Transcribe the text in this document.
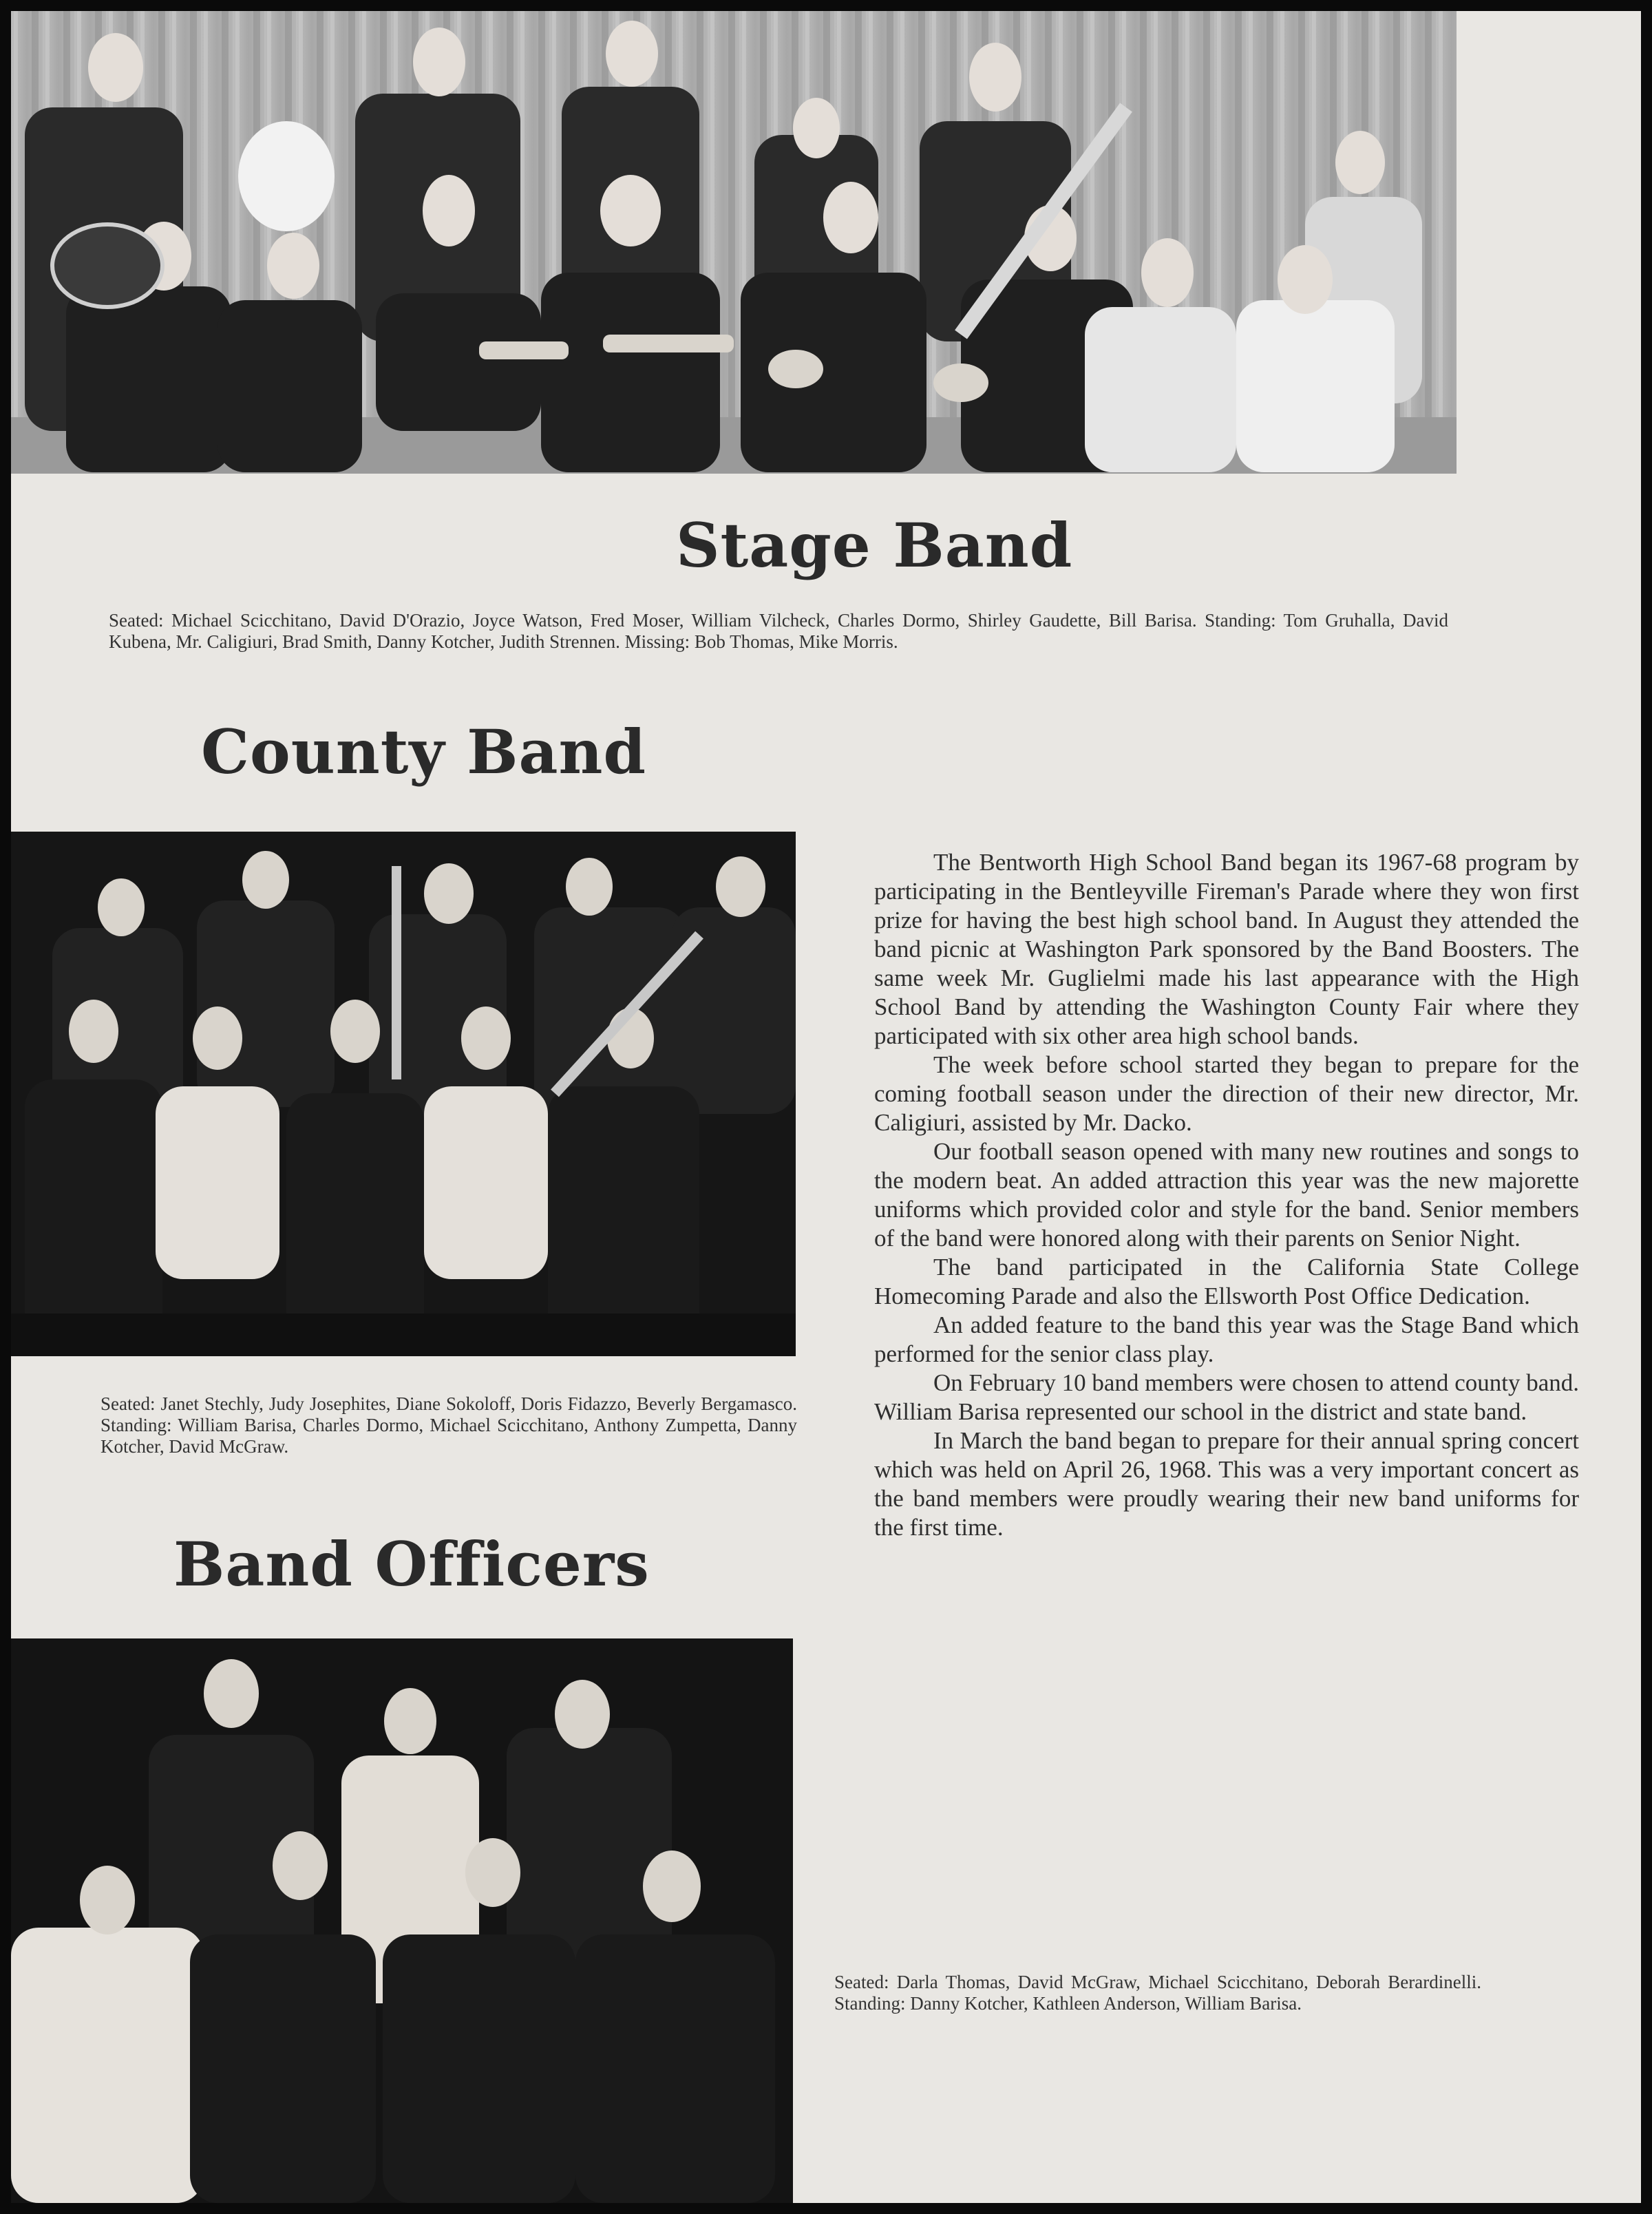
Stage Band
Seated: Michael Scicchitano, David D'Orazio, Joyce Watson, Fred Moser, William Vilcheck, Charles Dormo, Shirley Gaudette, Bill Barisa. Standing: Tom Gruhalla, David Kubena, Mr. Caligiuri, Brad Smith, Danny Kotcher, Judith Strennen. Missing: Bob Thomas, Mike Morris.
County Band
Seated: Janet Stechly, Judy Josephites, Diane Sokoloff, Doris Fidazzo, Beverly Bergamasco. Standing: William Barisa, Charles Dormo, Michael Scicchitano, Anthony Zumpetta, Danny Kotcher, David McGraw.
Band Officers
Seated: Darla Thomas, David McGraw, Michael Scicchitano, Deborah Berardinelli. Standing: Danny Kotcher, Kathleen Anderson, William Barisa.

The Bentworth High School Band began its 1967-68 program by participating in the Bentleyville Fireman's Parade where they won first prize for having the best high school band. In August they attended the band picnic at Washington Park sponsored by the Band Boosters. The same week Mr. Guglielmi made his last appearance with the High School Band by attending the Washington County Fair where they participated with six other area high school bands.

The week before school started they began to prepare for the coming football season under the direction of their new director, Mr. Caligiuri, assisted by Mr. Dacko.

Our football season opened with many new routines and songs to the modern beat. An added attraction this year was the new majorette uniforms which provided color and style for the band. Senior members of the band were honored along with their parents on Senior Night.

The band participated in the California State College Homecoming Parade and also the Ellsworth Post Office Dedication.

An added feature to the band this year was the Stage Band which performed for the senior class play.

On February 10 band members were chosen to attend county band. William Barisa represented our school in the district and state band.

In March the band began to prepare for their annual spring concert which was held on April 26, 1968. This was a very important concert as the band members were proudly wearing their new band uniforms for the first time.
